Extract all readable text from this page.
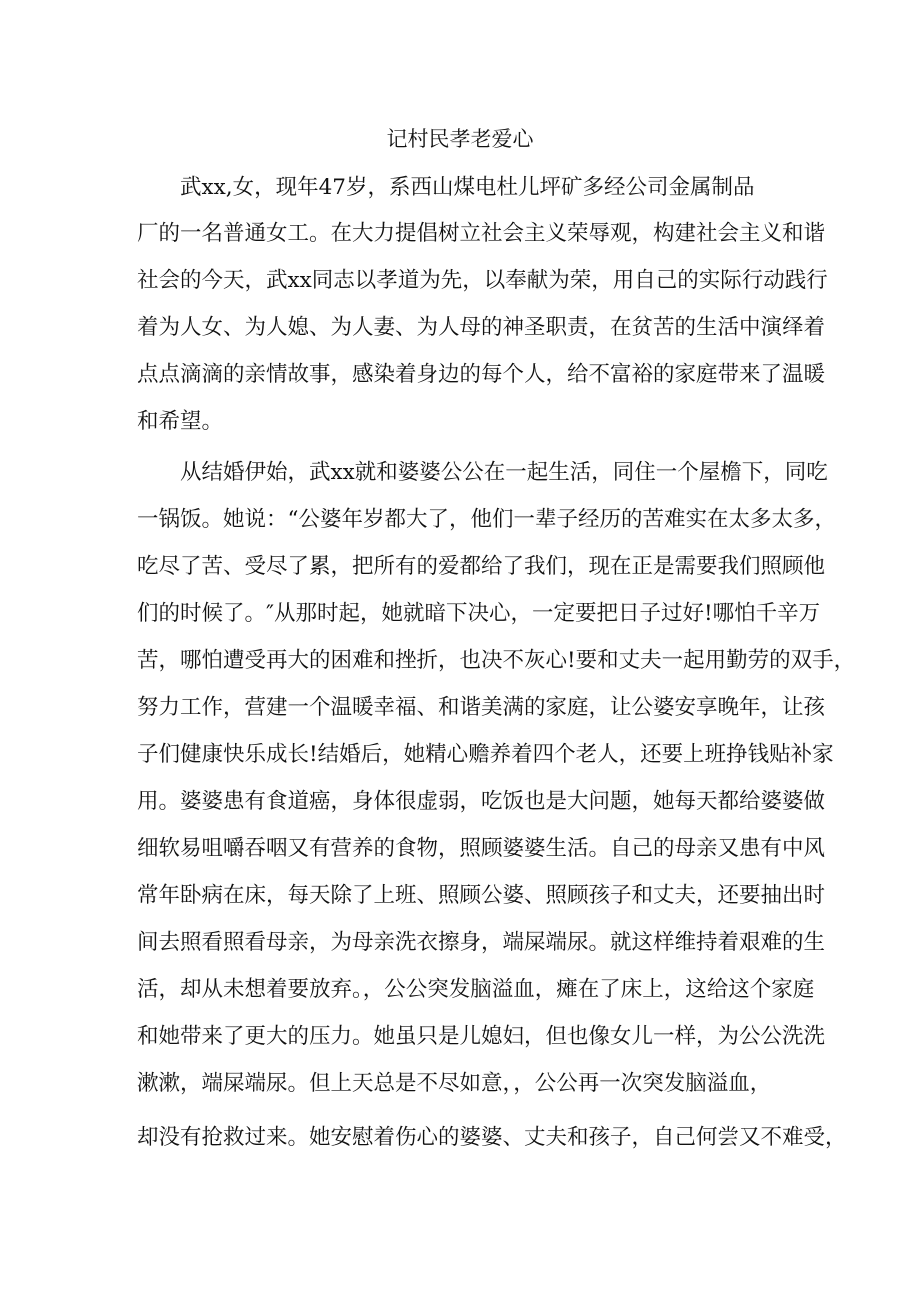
记村民孝老爱心
武xx,女，现年47岁，系西山煤电杜儿坪矿多经公司金属制品
厂的一名普通女工。在大力提倡树立社会主义荣辱观，构建社会主义和谐
社会的今天，武xx同志以孝道为先，以奉献为荣，用自己的实际行动践行
着为人女、为人媳、为人妻、为人母的神圣职责，在贫苦的生活中演绎着
点点滴滴的亲情故事，感染着身边的每个人，给不富裕的家庭带来了温暖
和希望。
从结婚伊始，武xx就和婆婆公公在一起生活，同住一个屋檐下，同吃
一锅饭。她说：“公婆年岁都大了，他们一辈子经历的苦难实在太多太多，
吃尽了苦、受尽了累，把所有的爱都给了我们，现在正是需要我们照顾他
们的时候了。″从那时起，她就暗下决心，一定要把日子过好!哪怕千辛万
苦，哪怕遭受再大的困难和挫折，也决不灰心!要和丈夫一起用勤劳的双手，
努力工作，营建一个温暖幸福、和谐美满的家庭，让公婆安享晚年，让孩
子们健康快乐成长!结婚后，她精心赡养着四个老人，还要上班挣钱贴补家
用。婆婆患有食道癌，身体很虚弱，吃饭也是大问题，她每天都给婆婆做
细软易咀嚼吞咽又有营养的食物，照顾婆婆生活。自己的母亲又患有中风
常年卧病在床，每天除了上班、照顾公婆、照顾孩子和丈夫，还要抽出时
间去照看照看母亲，为母亲洗衣擦身，端屎端尿。就这样维持着艰难的生
活，却从未想着要放弃。，公公突发脑溢血，瘫在了床上，这给这个家庭
和她带来了更大的压力。她虽只是儿媳妇，但也像女儿一样，为公公洗洗
漱漱，端屎端尿。但上天总是不尽如意，，公公再一次突发脑溢血，
却没有抢救过来。她安慰着伤心的婆婆、丈夫和孩子，自己何尝又不难受，
